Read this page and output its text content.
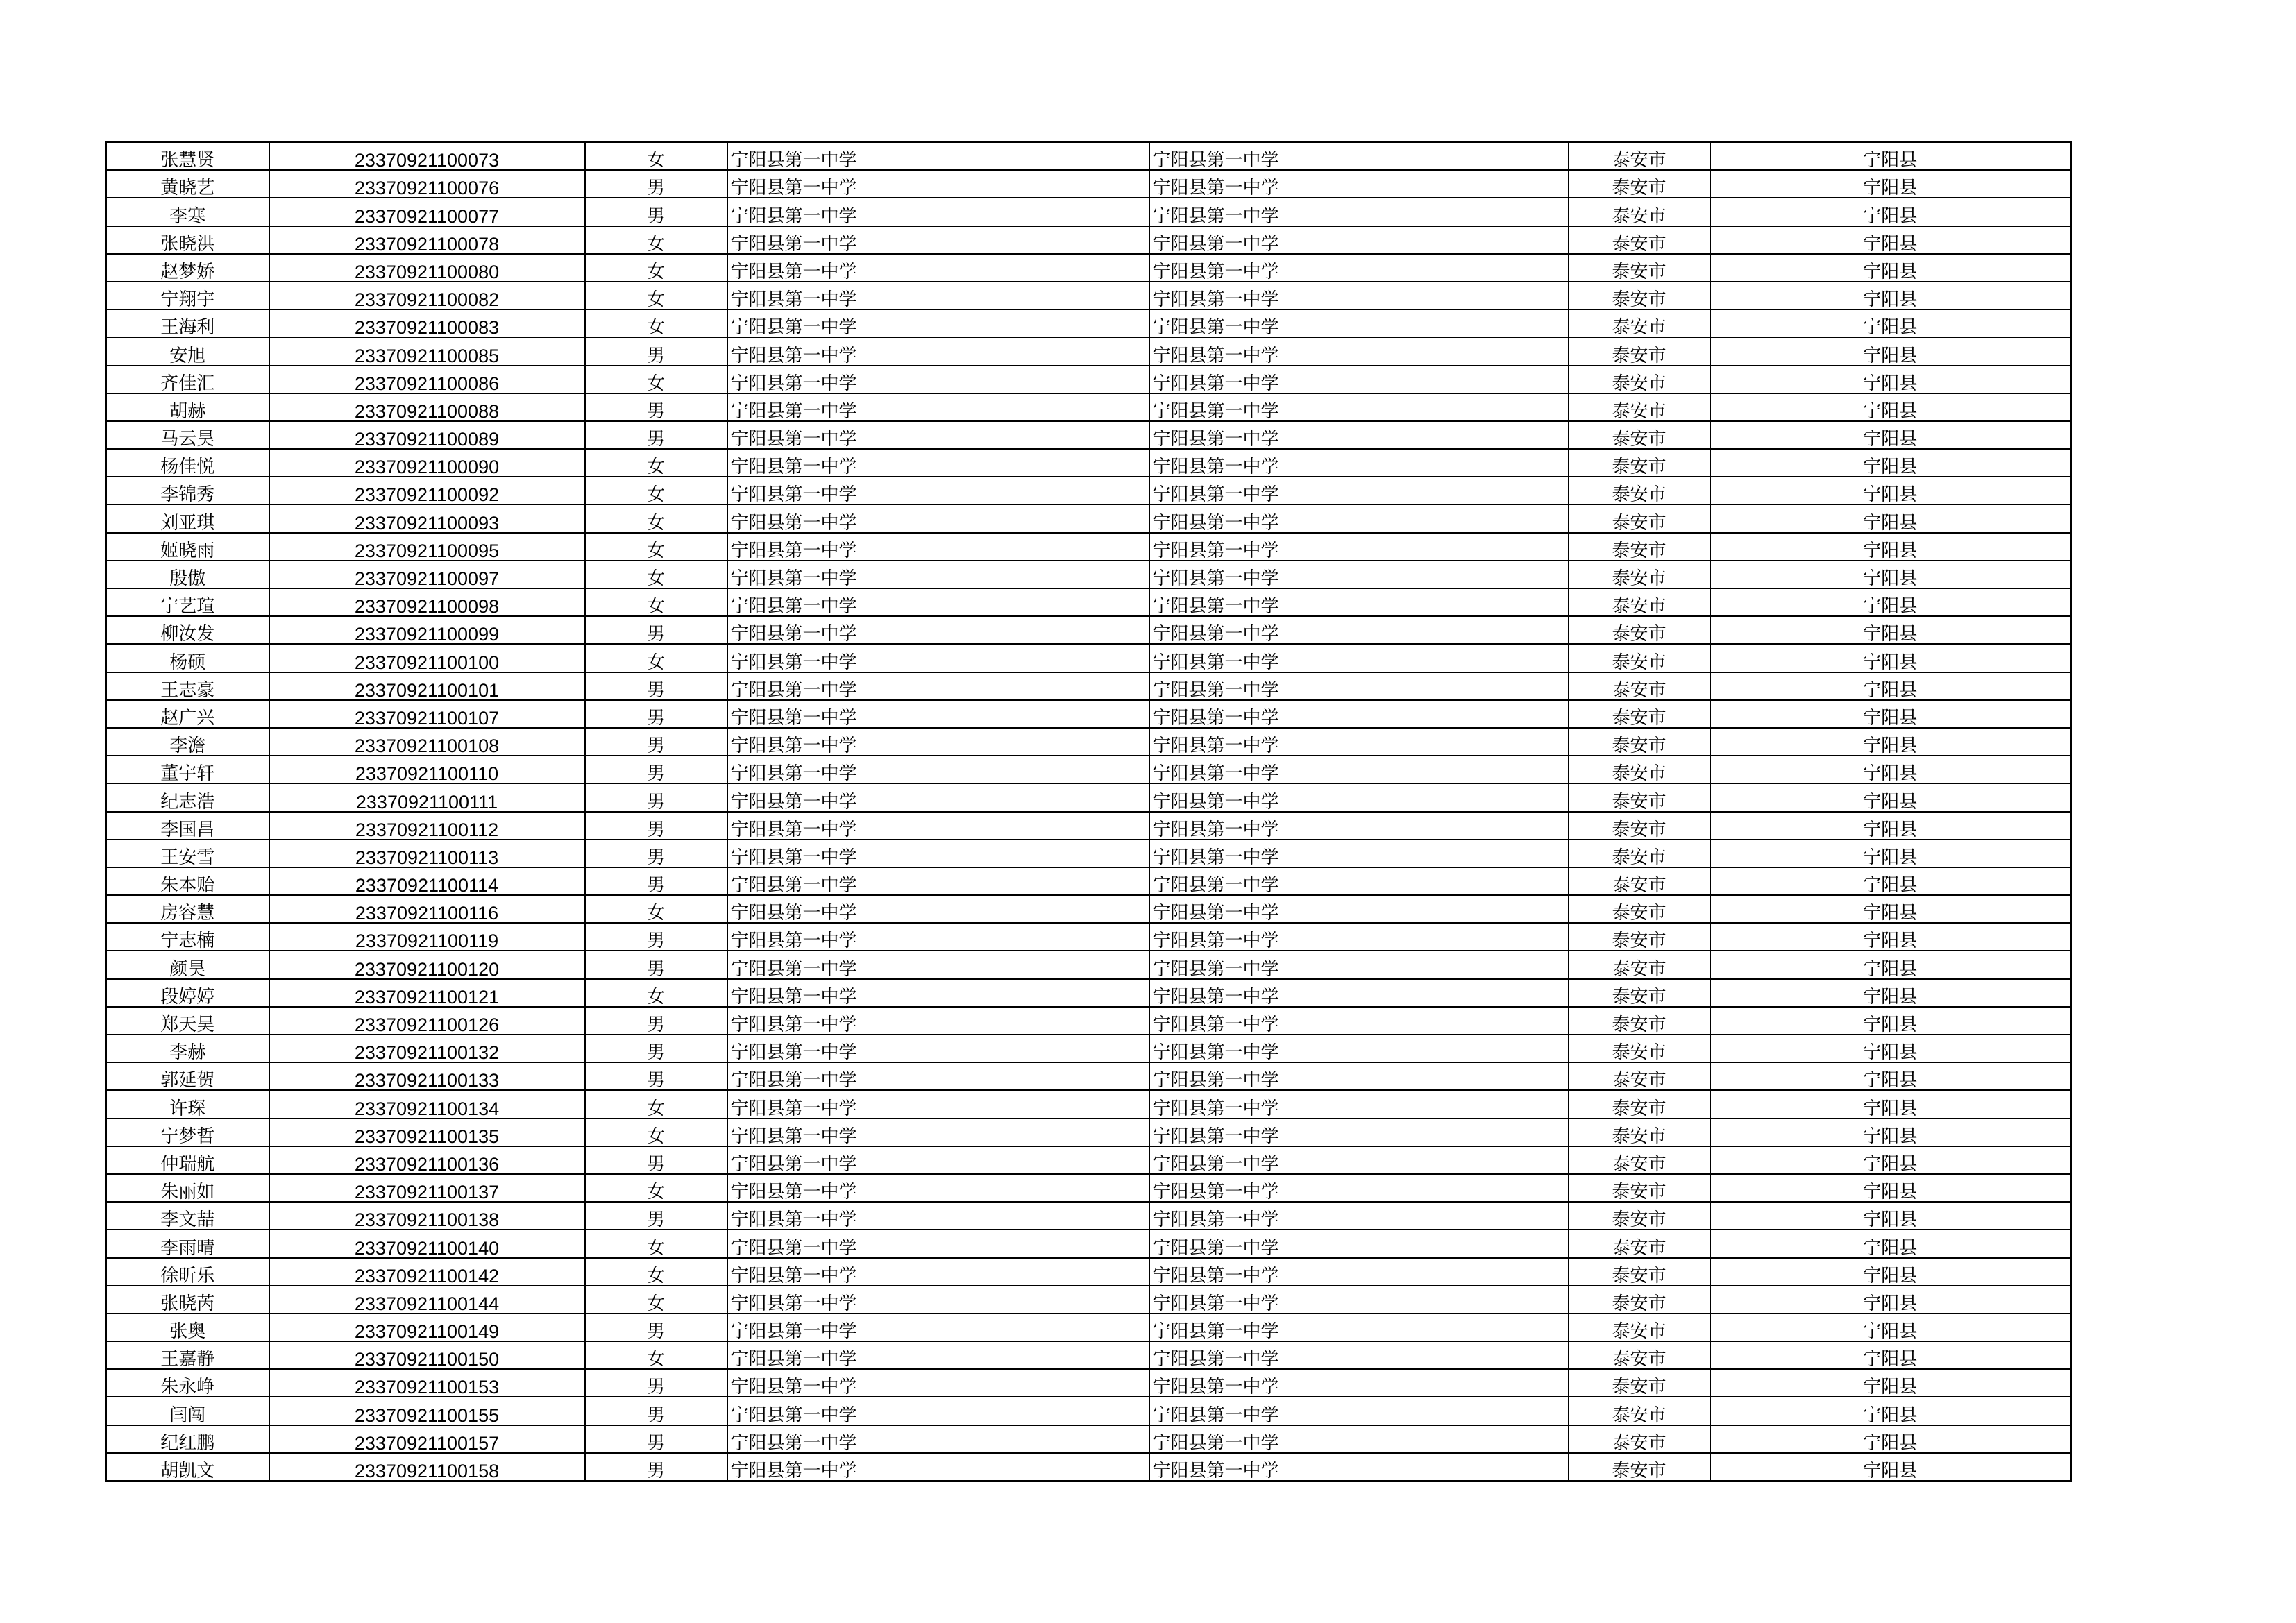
张慧贤	23370921100073	女	宁阳县第一中学	宁阳县第一中学	泰安市	宁阳县
黄晓艺	23370921100076	男	宁阳县第一中学	宁阳县第一中学	泰安市	宁阳县
李寒	23370921100077	男	宁阳县第一中学	宁阳县第一中学	泰安市	宁阳县
张晓洪	23370921100078	女	宁阳县第一中学	宁阳县第一中学	泰安市	宁阳县
赵梦娇	23370921100080	女	宁阳县第一中学	宁阳县第一中学	泰安市	宁阳县
宁翔宇	23370921100082	女	宁阳县第一中学	宁阳县第一中学	泰安市	宁阳县
王海利	23370921100083	女	宁阳县第一中学	宁阳县第一中学	泰安市	宁阳县
安旭	23370921100085	男	宁阳县第一中学	宁阳县第一中学	泰安市	宁阳县
齐佳汇	23370921100086	女	宁阳县第一中学	宁阳县第一中学	泰安市	宁阳县
胡赫	23370921100088	男	宁阳县第一中学	宁阳县第一中学	泰安市	宁阳县
马云昊	23370921100089	男	宁阳县第一中学	宁阳县第一中学	泰安市	宁阳县
杨佳悦	23370921100090	女	宁阳县第一中学	宁阳县第一中学	泰安市	宁阳县
李锦秀	23370921100092	女	宁阳县第一中学	宁阳县第一中学	泰安市	宁阳县
刘亚琪	23370921100093	女	宁阳县第一中学	宁阳县第一中学	泰安市	宁阳县
姬晓雨	23370921100095	女	宁阳县第一中学	宁阳县第一中学	泰安市	宁阳县
殷傲	23370921100097	女	宁阳县第一中学	宁阳县第一中学	泰安市	宁阳县
宁艺瑄	23370921100098	女	宁阳县第一中学	宁阳县第一中学	泰安市	宁阳县
柳汝发	23370921100099	男	宁阳县第一中学	宁阳县第一中学	泰安市	宁阳县
杨硕	23370921100100	女	宁阳县第一中学	宁阳县第一中学	泰安市	宁阳县
王志豪	23370921100101	男	宁阳县第一中学	宁阳县第一中学	泰安市	宁阳县
赵广兴	23370921100107	男	宁阳县第一中学	宁阳县第一中学	泰安市	宁阳县
李澹	23370921100108	男	宁阳县第一中学	宁阳县第一中学	泰安市	宁阳县
董宇轩	23370921100110	男	宁阳县第一中学	宁阳县第一中学	泰安市	宁阳县
纪志浩	23370921100111	男	宁阳县第一中学	宁阳县第一中学	泰安市	宁阳县
李国昌	23370921100112	男	宁阳县第一中学	宁阳县第一中学	泰安市	宁阳县
王安雪	23370921100113	男	宁阳县第一中学	宁阳县第一中学	泰安市	宁阳县
朱本贻	23370921100114	男	宁阳县第一中学	宁阳县第一中学	泰安市	宁阳县
房容慧	23370921100116	女	宁阳县第一中学	宁阳县第一中学	泰安市	宁阳县
宁志楠	23370921100119	男	宁阳县第一中学	宁阳县第一中学	泰安市	宁阳县
颜昊	23370921100120	男	宁阳县第一中学	宁阳县第一中学	泰安市	宁阳县
段婷婷	23370921100121	女	宁阳县第一中学	宁阳县第一中学	泰安市	宁阳县
郑天昊	23370921100126	男	宁阳县第一中学	宁阳县第一中学	泰安市	宁阳县
李赫	23370921100132	男	宁阳县第一中学	宁阳县第一中学	泰安市	宁阳县
郭延贺	23370921100133	男	宁阳县第一中学	宁阳县第一中学	泰安市	宁阳县
许琛	23370921100134	女	宁阳县第一中学	宁阳县第一中学	泰安市	宁阳县
宁梦哲	23370921100135	女	宁阳县第一中学	宁阳县第一中学	泰安市	宁阳县
仲瑞航	23370921100136	男	宁阳县第一中学	宁阳县第一中学	泰安市	宁阳县
朱丽如	23370921100137	女	宁阳县第一中学	宁阳县第一中学	泰安市	宁阳县
李文喆	23370921100138	男	宁阳县第一中学	宁阳县第一中学	泰安市	宁阳县
李雨晴	23370921100140	女	宁阳县第一中学	宁阳县第一中学	泰安市	宁阳县
徐昕乐	23370921100142	女	宁阳县第一中学	宁阳县第一中学	泰安市	宁阳县
张晓芮	23370921100144	女	宁阳县第一中学	宁阳县第一中学	泰安市	宁阳县
张奥	23370921100149	男	宁阳县第一中学	宁阳县第一中学	泰安市	宁阳县
王嘉静	23370921100150	女	宁阳县第一中学	宁阳县第一中学	泰安市	宁阳县
朱永峥	23370921100153	男	宁阳县第一中学	宁阳县第一中学	泰安市	宁阳县
闫闯	23370921100155	男	宁阳县第一中学	宁阳县第一中学	泰安市	宁阳县
纪红鹏	23370921100157	男	宁阳县第一中学	宁阳县第一中学	泰安市	宁阳县
胡凯文	23370921100158	男	宁阳县第一中学	宁阳县第一中学	泰安市	宁阳县
